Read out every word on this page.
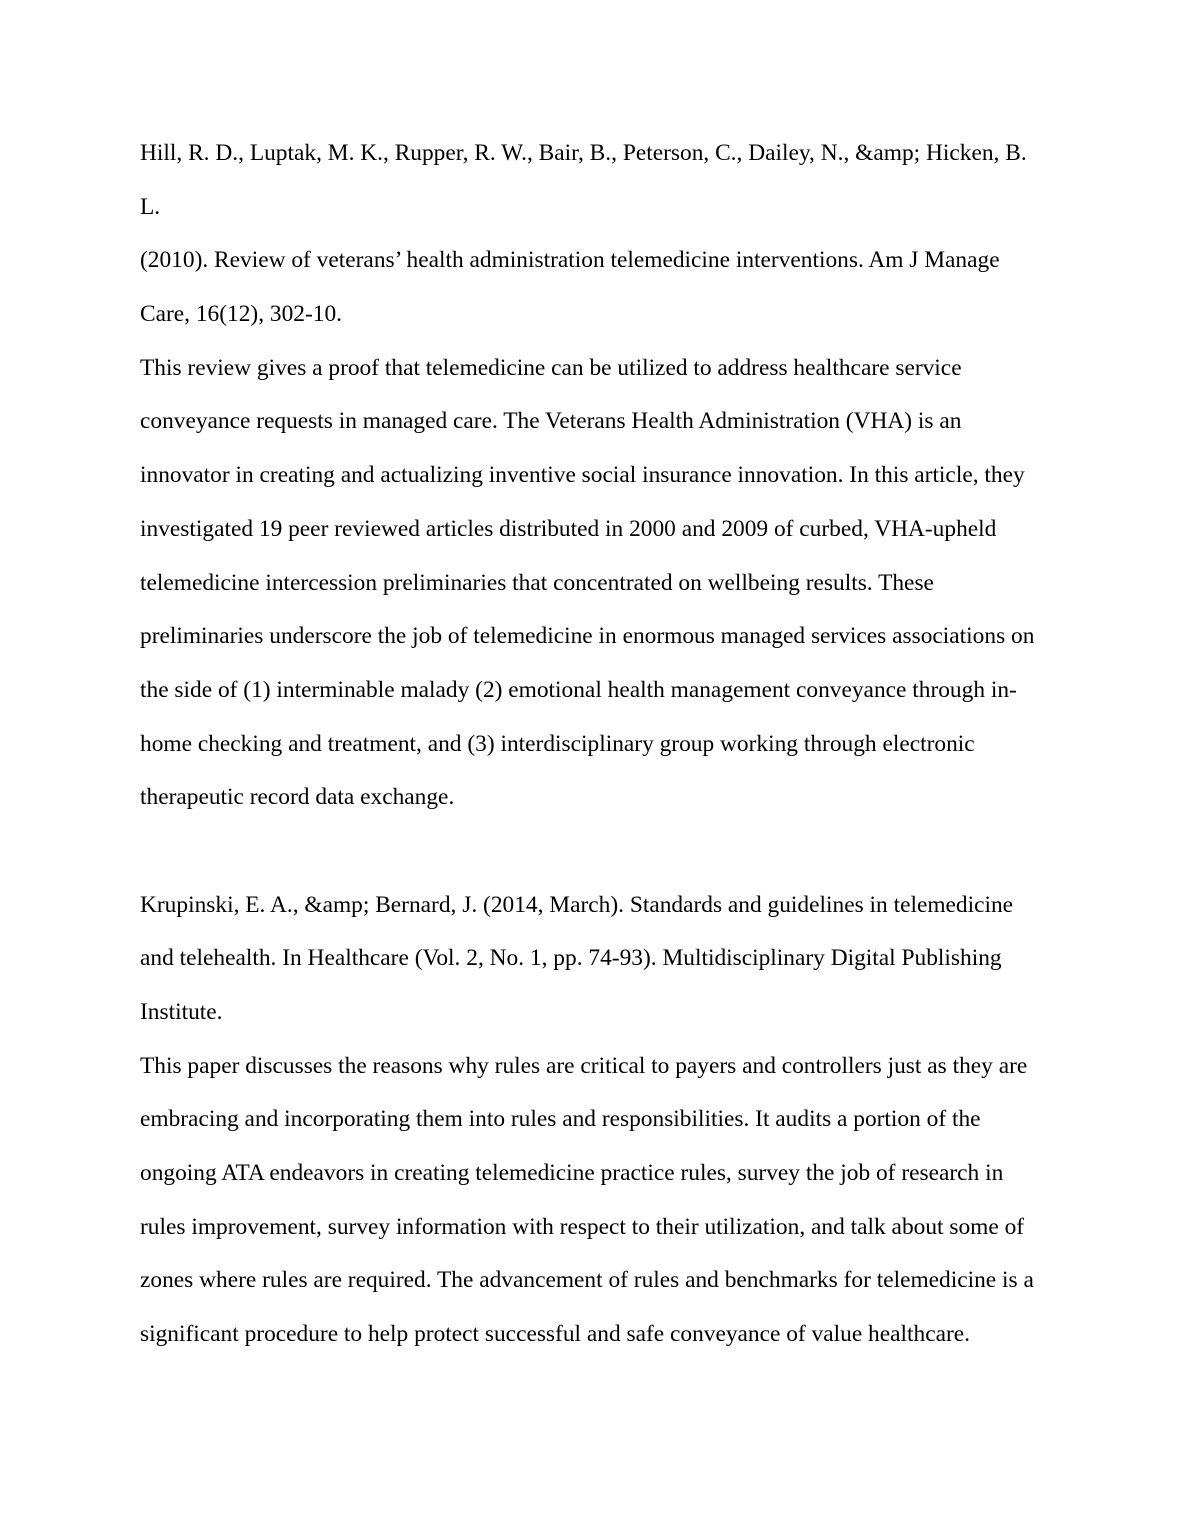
Hill, R. D., Luptak, M. K., Rupper, R. W., Bair, B., Peterson, C., Dailey, N., &amp; Hicken, B.
L.
(2010). Review of veterans’ health administration telemedicine interventions. Am J Manage
Care, 16(12), 302-10.
This review gives a proof that telemedicine can be utilized to address healthcare service
conveyance requests in managed care. The Veterans Health Administration (VHA) is an
innovator in creating and actualizing inventive social insurance innovation. In this article, they
investigated 19 peer reviewed articles distributed in 2000 and 2009 of curbed, VHA-upheld
telemedicine intercession preliminaries that concentrated on wellbeing results. These
preliminaries underscore the job of telemedicine in enormous managed services associations on
the side of (1) interminable malady (2) emotional health management conveyance through in-
home checking and treatment, and (3) interdisciplinary group working through electronic
therapeutic record data exchange.
Krupinski, E. A., &amp; Bernard, J. (2014, March). Standards and guidelines in telemedicine
and telehealth. In Healthcare (Vol. 2, No. 1, pp. 74-93). Multidisciplinary Digital Publishing
Institute.
This paper discusses the reasons why rules are critical to payers and controllers just as they are
embracing and incorporating them into rules and responsibilities. It audits a portion of the
ongoing ATA endeavors in creating telemedicine practice rules, survey the job of research in
rules improvement, survey information with respect to their utilization, and talk about some of
zones where rules are required. The advancement of rules and benchmarks for telemedicine is a
significant procedure to help protect successful and safe conveyance of value healthcare.
